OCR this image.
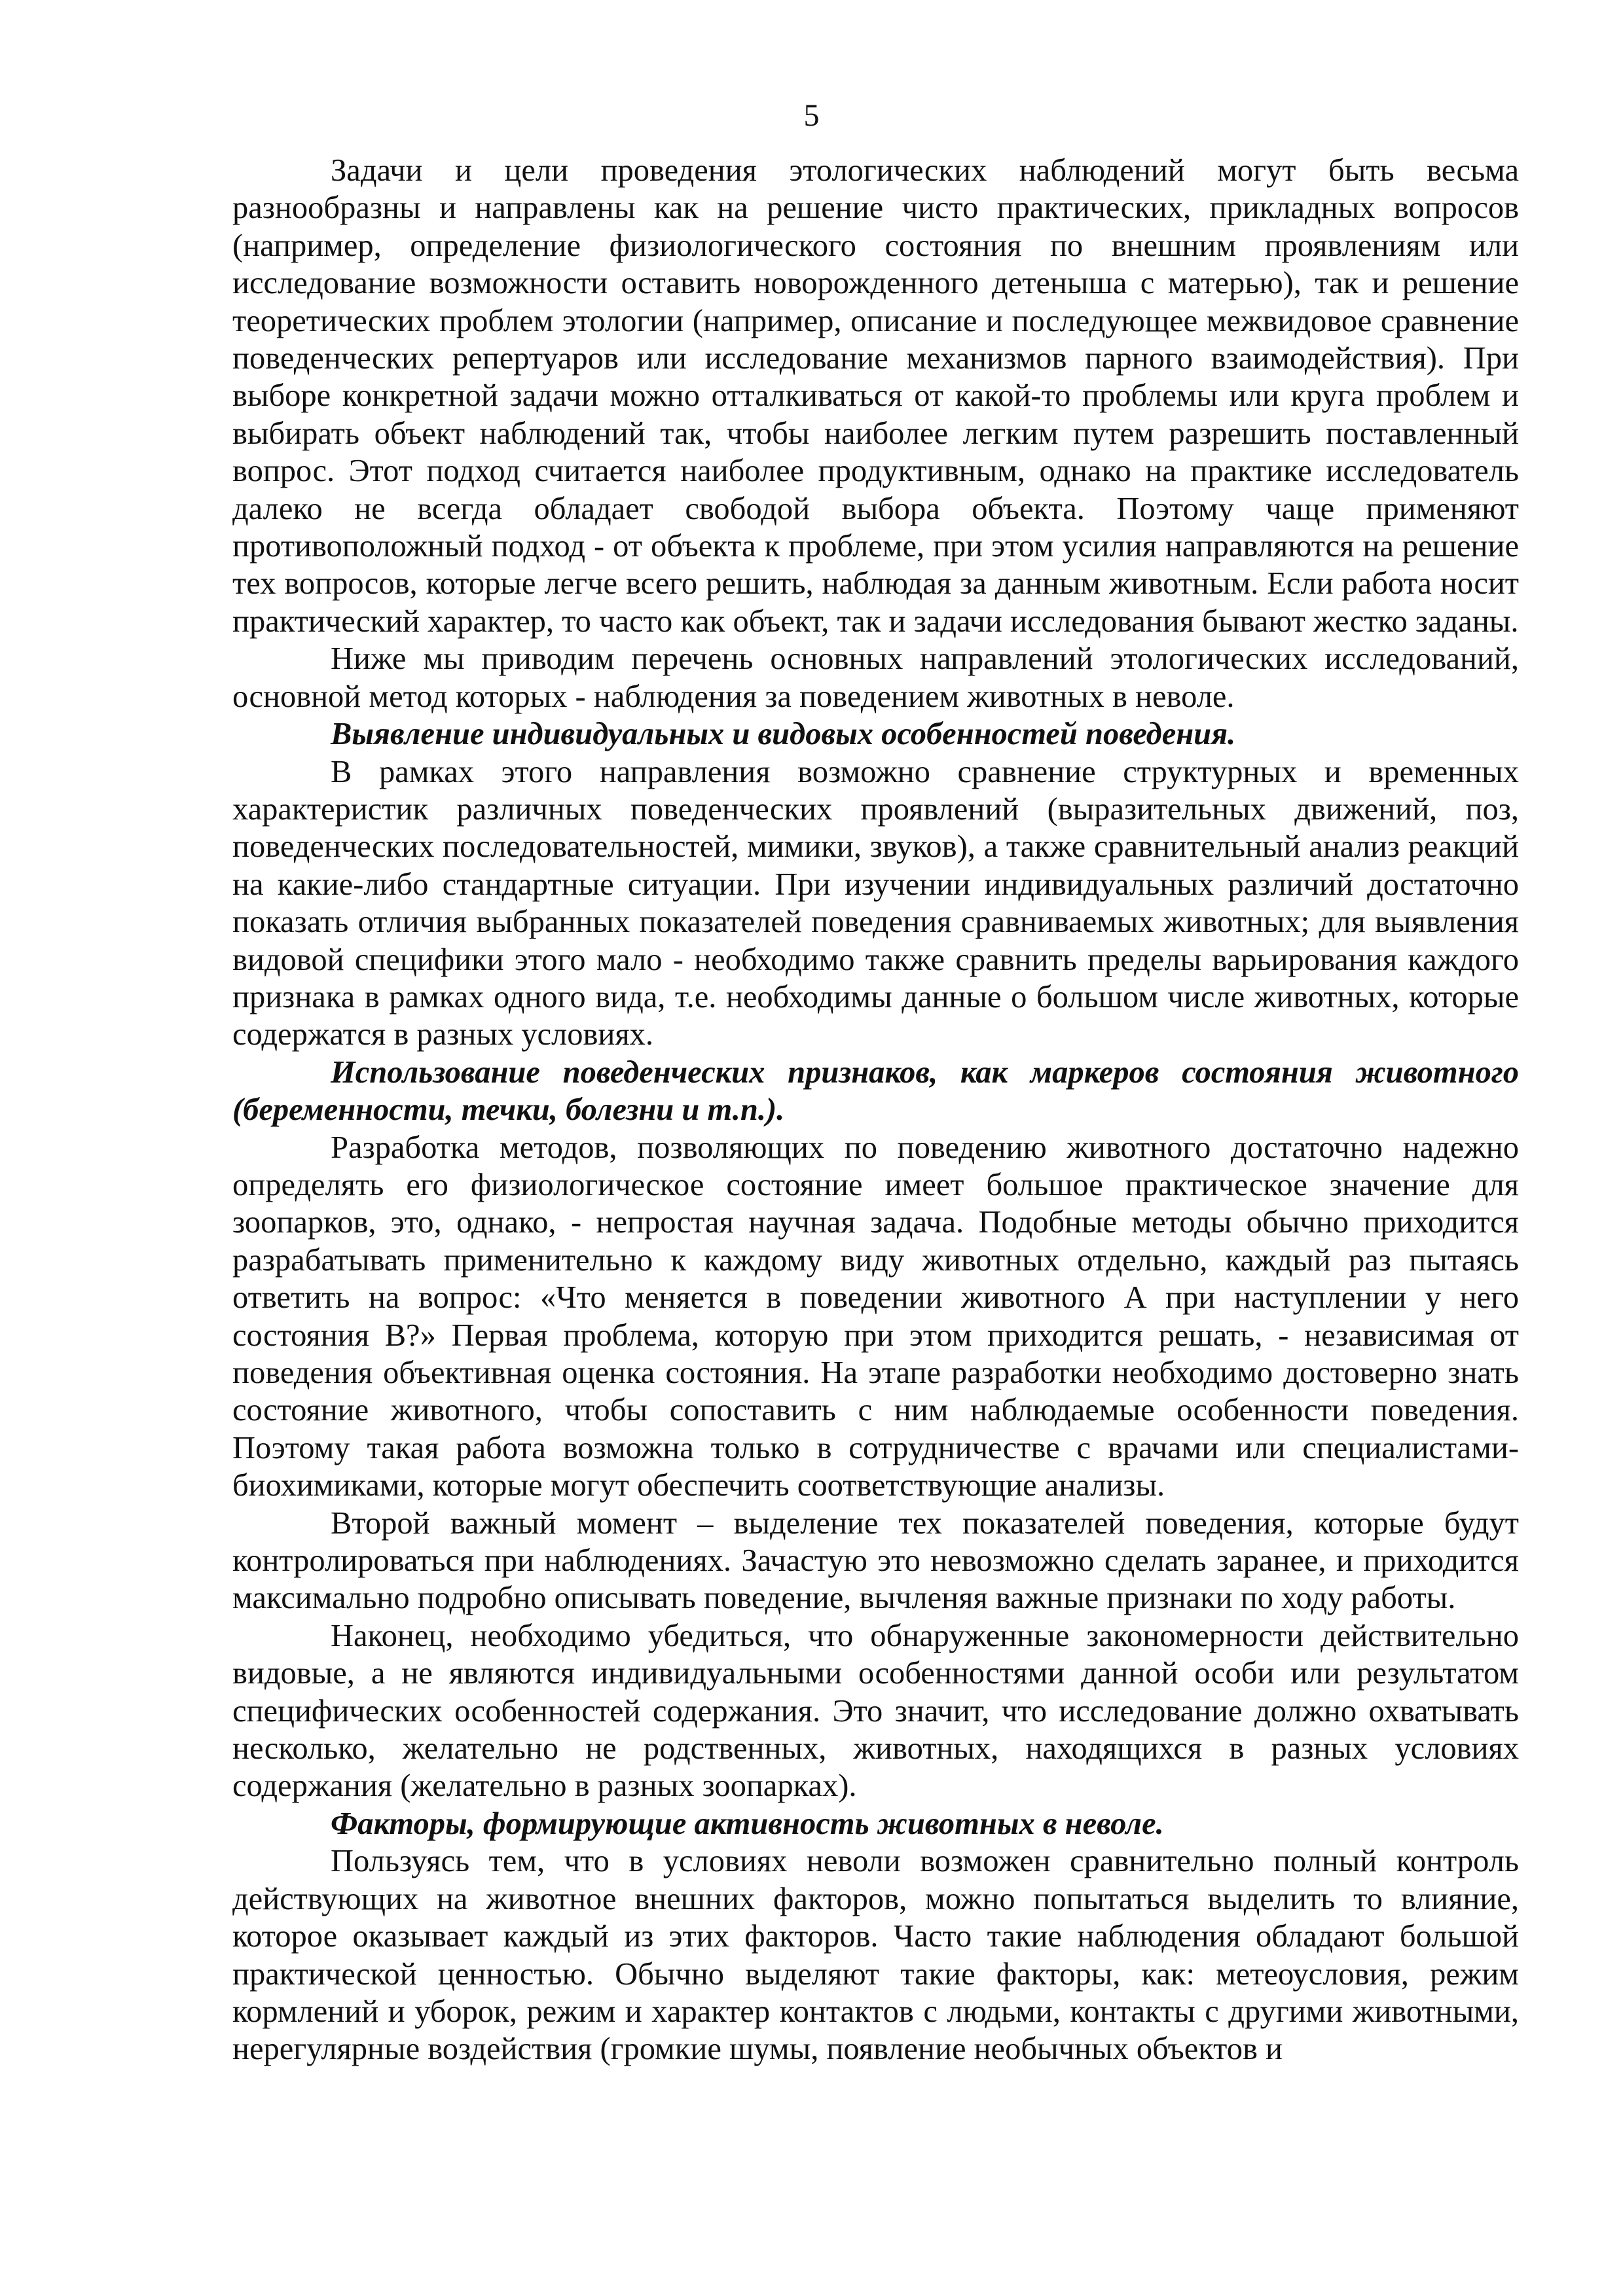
5

Задачи и цели проведения этологических наблюдений могут быть весьма разнообразны и направлены как на решение чисто практических, прикладных вопросов (например, определение физиологического состояния по внешним проявлениям или исследование возможности оставить новорожденного детеныша с матерью), так и решение теоретических проблем этологии (например, описание и последующее межвидовое сравнение поведенческих репертуаров или исследование механизмов парного взаимодействия). При выборе конкретной задачи можно отталкиваться от какой-то проблемы или круга проблем и выбирать объект наблюдений так, чтобы наиболее легким путем разрешить поставленный вопрос. Этот подход считается наиболее продуктивным, однако на практике исследователь далеко не всегда обладает свободой выбора объекта. Поэтому чаще применяют противоположный подход - от объекта к проблеме, при этом усилия направляются на решение тех вопросов, которые легче всего решить, наблюдая за данным животным. Если работа носит практический характер, то часто как объект, так и задачи исследования бывают жестко заданы.

Ниже мы приводим перечень основных направлений этологических исследований, основной метод которых - наблюдения за поведением животных в неволе.

Выявление индивидуальных и видовых особенностей поведения.

В рамках этого направления возможно сравнение структурных и временных характеристик различных поведенческих проявлений (выразительных движений, поз, поведенческих последовательностей, мимики, звуков), а также сравнительный анализ реакций на какие-либо стандартные ситуации. При изучении индивидуальных различий достаточно показать отличия выбранных показателей поведения сравниваемых животных; для выявления видовой специфики этого мало - необходимо также сравнить пределы варьирования каждого признака в рамках одного вида, т.е. необходимы данные о большом числе животных, которые содержатся в разных условиях.

Использование поведенческих признаков, как маркеров состояния животного (беременности, течки, болезни и т.п.).

Разработка методов, позволяющих по поведению животного достаточно надежно определять его физиологическое состояние имеет большое практическое значение для зоопарков, это, однако, - непростая научная задача. Подобные методы обычно приходится разрабатывать применительно к каждому виду животных отдельно, каждый раз пытаясь ответить на вопрос: «Что меняется в поведении животного А при наступлении у него состояния В?» Первая проблема, которую при этом приходится решать, - независимая от поведения объективная оценка состояния. На этапе разработки необходимо достоверно знать состояние животного, чтобы сопоставить с ним наблюдаемые особенности поведения. Поэтому такая работа возможна только в сотрудничестве с врачами или специалистами-биохимиками, которые могут обеспечить соответствующие анализы.

Второй важный момент – выделение тех показателей поведения, которые будут контролироваться при наблюдениях. Зачастую это невозможно сделать заранее, и приходится максимально подробно описывать поведение, вычленяя важные признаки по ходу работы.

Наконец, необходимо убедиться, что обнаруженные закономерности действительно видовые, а не являются индивидуальными особенностями данной особи или результатом специфических особенностей содержания. Это значит, что исследование должно охватывать несколько, желательно не родственных, животных, находящихся в разных условиях содержания (желательно в разных зоопарках).

Факторы, формирующие активность животных в неволе.

Пользуясь тем, что в условиях неволи возможен сравнительно полный контроль действующих на животное внешних факторов, можно попытаться выделить то влияние, которое оказывает каждый из этих факторов. Часто такие наблюдения обладают большой практической ценностью. Обычно выделяют такие факторы, как: метеоусловия, режим кормлений и уборок, режим и характер контактов с людьми, контакты с другими животными, нерегулярные воздействия (громкие шумы, появление необычных объектов и
